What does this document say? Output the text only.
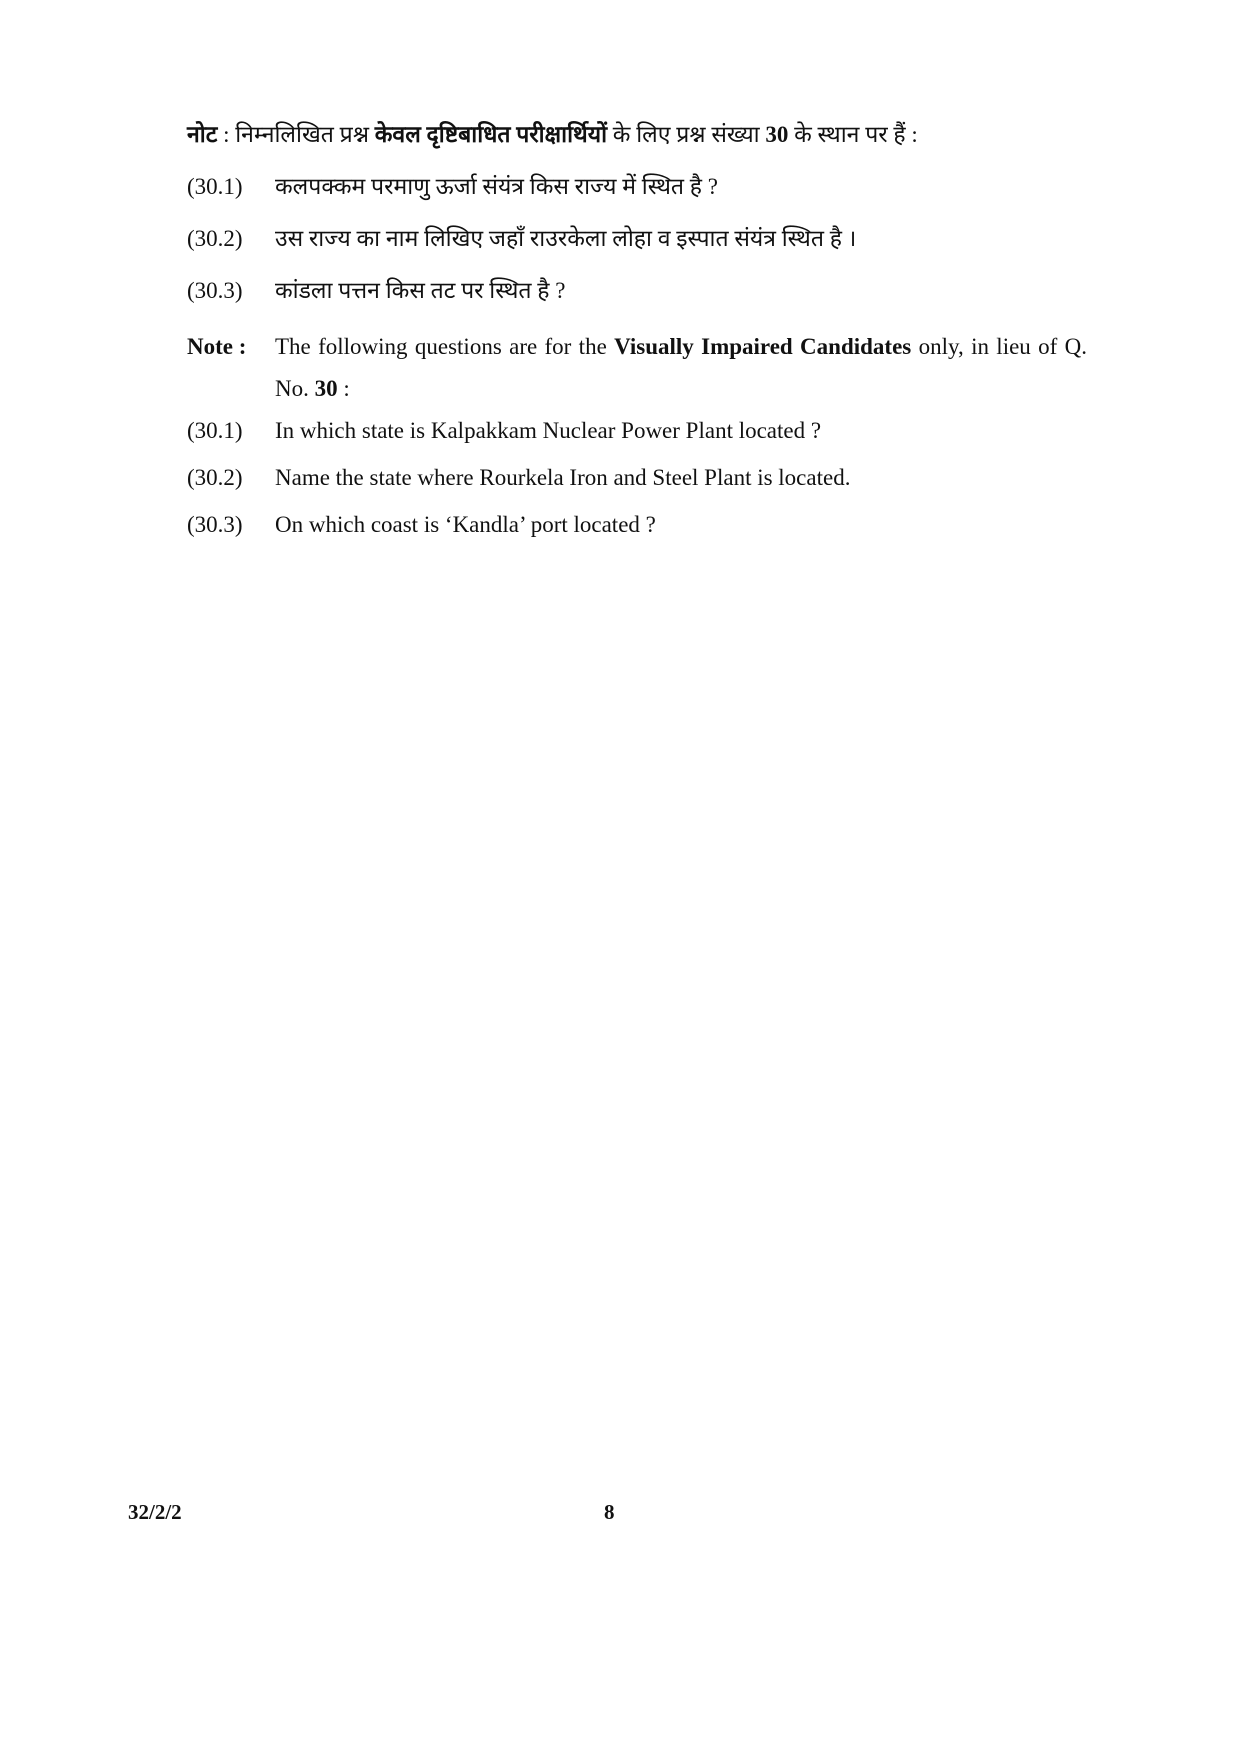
नोट : निम्नलिखित प्रश्न केवल दृष्टिबाधित परीक्षार्थियों के लिए प्रश्न संख्या 30 के स्थान पर हैं :
(30.1)	कलपक्कम परमाणु ऊर्जा संयंत्र किस राज्य में स्थित है ?
(30.2)	उस राज्य का नाम लिखिए जहाँ राउरकेला लोहा व इस्पात संयंत्र स्थित है ।
(30.3)	कांडला पत्तन किस तट पर स्थित है ?
Note :	The following questions are for the Visually Impaired Candidates only, in lieu of Q. No. 30 :
(30.1)	In which state is Kalpakkam Nuclear Power Plant located ?
(30.2)	Name the state where Rourkela Iron and Steel Plant is located.
(30.3)	On which coast is ‘Kandla’ port located ?
32/2/2	8
